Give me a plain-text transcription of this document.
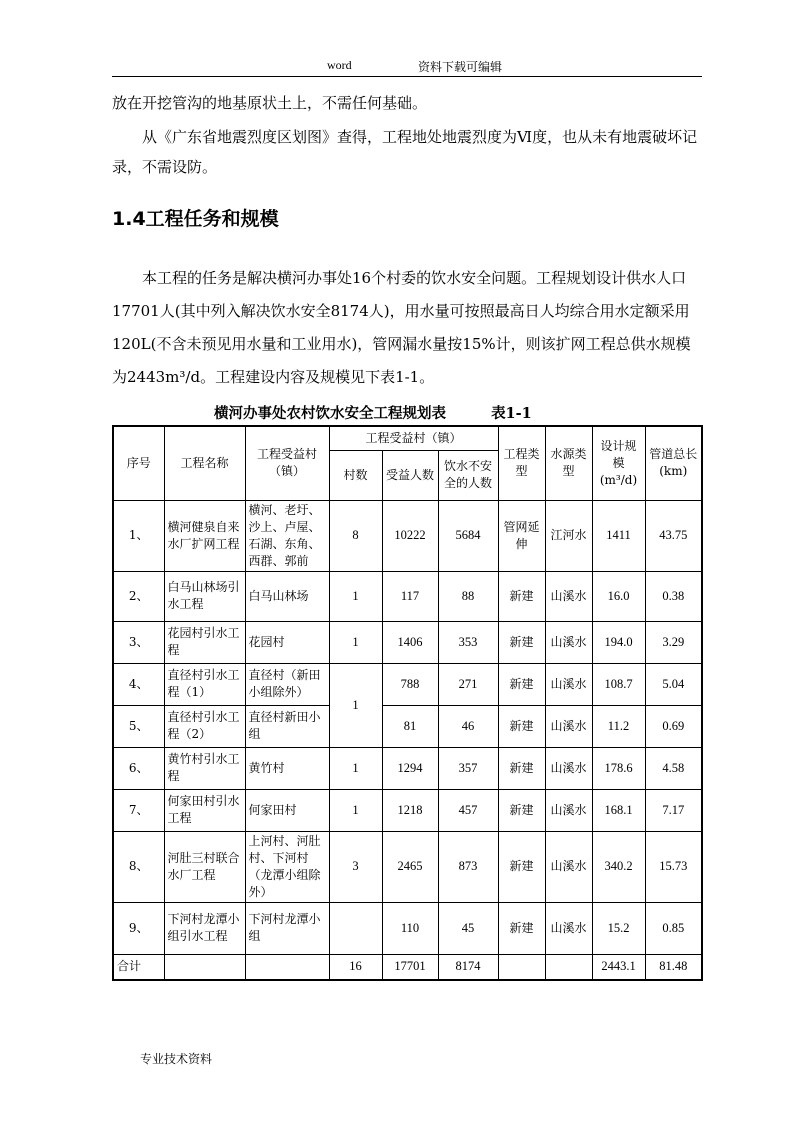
word	资料下载可编辑

放在开挖管沟的地基原状土上，不需任何基础。

从《广东省地震烈度区划图》查得，工程地处地震烈度为Ⅵ度，也从未有地震破坏记录，不需设防。

1.4工程任务和规模

本工程的任务是解决横河办事处16个村委的饮水安全问题。工程规划设计供水人口17701人(其中列入解决饮水安全8174人)，用水量可按照最高日人均综合用水定额采用120L(不含未预见用水量和工业用水)，管网漏水量按15%计，则该扩网工程总供水规模为2443m³/d。工程建设内容及规模见下表1-1。

横河办事处农村饮水安全工程规划表	表1-1
序号	工程名称	工程受益村（镇）	工程受益村（镇）			工程类型	水源类型	设计规模(m³/d)	管道总长(km)
			村数	受益人数	饮水不安全的人数				
1、	横河健泉自来水厂扩网工程	横河、老圩、沙上、卢屋、石湖、东角、西群、郭前	8	10222	5684	管网延伸	江河水	1411	43.75
2、	白马山林场引水工程	白马山林场	1	117	88	新建	山溪水	16.0	0.38
3、	花园村引水工程	花园村	1	1406	353	新建	山溪水	194.0	3.29
4、	直径村引水工程（1）	直径村（新田小组除外）	1	788	271	新建	山溪水	108.7	5.04
5、	直径村引水工程（2）	直径村新田小组		81	46	新建	山溪水	11.2	0.69
6、	黄竹村引水工程	黄竹村	1	1294	357	新建	山溪水	178.6	4.58
7、	何家田村引水工程	何家田村	1	1218	457	新建	山溪水	168.1	7.17
8、	河肚三村联合水厂工程	上河村、河肚村、下河村（龙潭小组除外）	3	2465	873	新建	山溪水	340.2	15.73
9、	下河村龙潭小组引水工程	下河村龙潭小组		110	45	新建	山溪水	15.2	0.85
合计			16	17701	8174			2443.1	81.48
专业技术资料
